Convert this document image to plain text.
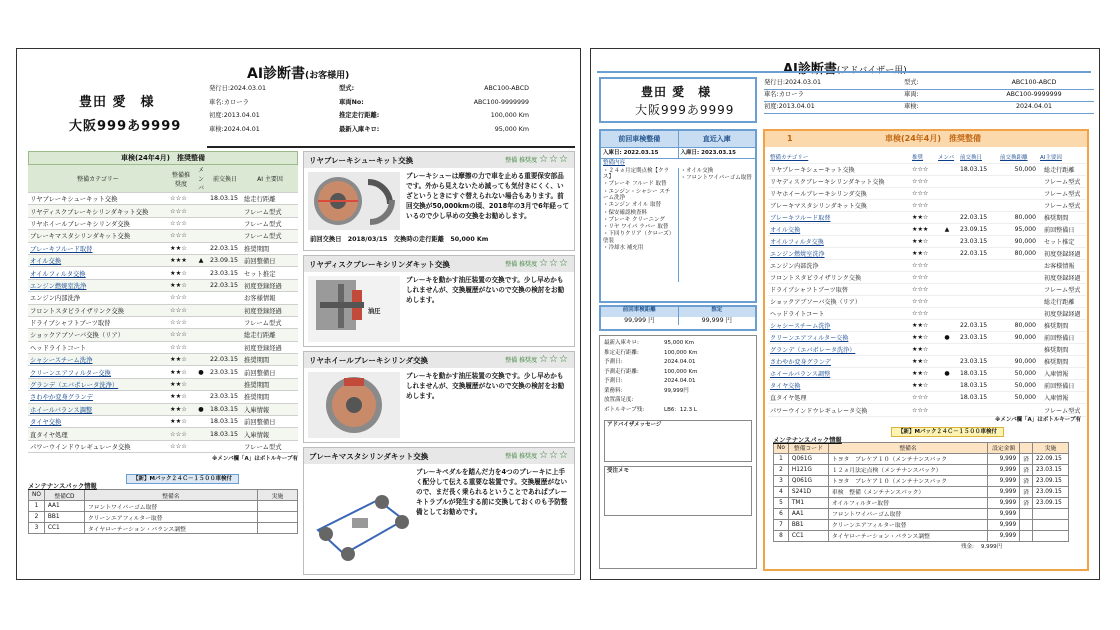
AI診断書(お客様用)
豊田 愛　様
大阪999あ9999
発行日:2024.03.01	型式:	ABC100-ABCD
車名:カローラ	車両No:	ABC100-9999999
初度:2013.04.01	推定走行距離:	100,000 Km
車検:2024.04.01	最新入庫キロ:	95,000 Km
車検(24年4月)　推奨整備
整備カテゴリー	整備推奨度	メンバ	前交換日	AI 主要因
リヤブレーキシューキット交換	☆☆☆		18.03.15	総走行距離
リヤディスクブレーキシリンダキット交換	☆☆☆			フレーム型式
リヤホイールブレーキシリンダ交換	☆☆☆			フレーム型式
ブレーキマスタシリンダキット交換	☆☆☆			フレーム型式
ブレーキフルード取替	★★☆		22.03.15	推奨期間
オイル交換	★★★	▲	23.09.15	前回整備日
オイルフィルタ交換	★★☆		23.03.15	セット推定
エンジン燃焼室洗浄	★★☆		22.03.15	初度登録経過
エンジン内部洗浄	☆☆☆			お客様情報
フロントスタビライザリンク交換	☆☆☆			初度登録経過
ドライブシャフトブーツ取替	☆☆☆			フレーム型式
ショックアブソーバ交換（リア）	☆☆☆			総走行距離
ヘッドライトコート	☆☆☆			初度登録経過
シャシースチーム洗浄	★★☆		22.03.15	推奨期間
クリーンエアフィルター交換	★★☆	●	23.03.15	前回整備日
グランデ（エバポレータ洗浄）	★★☆			推奨期間
さわやか変身グランデ	★★☆		23.03.15	推奨期間
ホイールバランス調整	★★☆	●	18.03.15	入庫情報
タイヤ交換	★★☆		18.03.15	前回整備日
直タイヤ処理	☆☆☆		18.03.15	入庫情報
パワーウインドウレギュレータ交換	☆☆☆			フレーム型式
※メンバ欄「A」はボトルキープ有
メンテナンスパック情報
【新】Mパック２４Ｃ－１５００車検付
NO	整備CD	整備名	実施
1	AA1	フロントワイパーゴム取替	
2	BB1	クリーンエアフィルター取替	
3	CC1	タイヤローテーション・バランス調整	
リヤブレーキシューキット交換	整備 推奨度 ☆☆☆
ブレーキシューは摩擦の力で車を止める重要保安部品です。外から見えないため減っても気付きにくく、いざというときにすぐ替えられない場合もあります。前回交換が50,000kmの頃、2018年の3月で6年経っているので少し早めの交換をお勧めします。
前回交換日　2018/03/15　交換時の走行距離　50,000 Km
リヤディスクブレーキシリンダキット交換	整備 推奨度 ☆☆☆
油圧
ブレーキを動かす油圧装置の交換です。少し早めかもしれませんが、交換履歴がないので交換の検討をお勧めします。
リヤホイールブレーキシリンダ交換	整備 推奨度 ☆☆☆
ブレーキを動かす油圧装置の交換です。少し早めかもしれませんが、交換履歴がないので交換の検討をお勧めします。
ブレーキマスタシリンダキット交換	整備 推奨度 ☆☆☆
ブレーキペダルを踏んだ力を4つのブレーキに上手く配分して伝える重要な装置です。交換履歴がないので、まだ長く乗られるということであればブレーキトラブルが発生する前に交換しておくのも予防整備としてお勧めです。
AI診断書(アドバイザー用)
豊田 愛　様
大阪999あ9999
発行日:2024.03.01	型式:	ABC100-ABCD
車名:カローラ	車両:	ABC100-9999999
初度:2013.04.01	車検:	2024.04.01
前回車検整備	直近入庫
入庫日: 2022.03.15	入庫日: 2023.03.15
整備内容
・２４ヵ月定期点検【クラス】
・ブレーキ フルード 取替
・エンジン・シャシー スチーム洗浄
・エンジン オイル 取替
・保安確認検査料
・ブレーキ クリーニング
・リヤ ワイパ ラバー 取替
・下回りクリア（クローズ）塗装
・冷却水 補充用
・オイル交換
・フロントワイパーゴム取替
前回車検距離	推定
99,999 円	99,999 円
最新入庫キロ:	95,000 Km
推定走行距離:	100,000 Km
予測日:	2024.04.01
予測走行距離:	100,000 Km
予測日:	2024.04.01
業務料:	99,999円
放置満足度:
ボトルキープ残:	LB6：12.3 L
アドバイザメッセージ
受注メモ
1	車検(24年4月)　推奨整備
整備カテゴリー	推奨	メンバ	前交換日	前交換距離	AI主要因
リヤブレーキシューキット交換	☆☆☆		18.03.15	50,000	総走行距離
リヤディスクブレーキシリンダキット交換	☆☆☆				フレーム型式
リヤホイールブレーキシリンダ交換	☆☆☆				フレーム型式
ブレーキマスタシリンダキット交換	☆☆☆				フレーム型式
ブレーキフルード取替	★★☆		22.03.15	80,000	推奨期間
オイル交換	★★★	▲	23.09.15	95,000	前回整備日
オイルフィルタ交換	★★☆		23.03.15	90,000	セット推定
エンジン燃焼室洗浄	★★☆		22.03.15	80,000	初度登録経過
エンジン内部洗浄	☆☆☆				お客様情報
フロントスタビライザリンク交換	☆☆☆				初度登録経過
ドライブシャフトブーツ取替	☆☆☆				フレーム型式
ショックアブソーバ交換（リア）	☆☆☆				総走行距離
ヘッドライトコート	☆☆☆				初度登録経過
シャシースチーム洗浄	★★☆		22.03.15	80,000	推奨期間
クリーンエアフィルター交換	★★☆	●	23.03.15	90,000	前回整備日
グランデ（エバポレータ洗浄）	★★☆				推奨期間
さわやか変身グランデ	★★☆		23.03.15	90,000	推奨期間
ホイールバランス調整	★★☆	●	18.03.15	50,000	入庫情報
タイヤ交換	★★☆		18.03.15	50,000	前回整備日
直タイヤ処理	☆☆☆		18.03.15	50,000	入庫情報
パワーウインドウレギュレータ交換	☆☆☆				フレーム型式
※メンバ欄「A」はボトルキープ有
メンテナンスパック情報
【新】Mパック２４Ｃ－１５００車検付
No	整備コード	整備名	設定金額		実施
1	Q061G	トヨタ　ブレケア１０（メンテナンスパック	9,999	済	22.09.15
2	H121G	１２ヵ月法定点検（メンテナンスパック）	9,999	済	23.03.15
3	Q061G	トヨタ　ブレケア１０（メンテナンスパック	9,999	済	23.09.15
4	S241D	車検　整備（メンテナンスパック）	9,999	済	23.09.15
5	TM1	オイルフィルター取替	9,999	済	23.09.15
6	AA1	フロントワイパーゴム取替	9,999		
7	BB1	クリーンエアフィルター取替	9,999		
8	CC1	タイヤローテーション・バランス調整	9,999		
残金: 9,999円
